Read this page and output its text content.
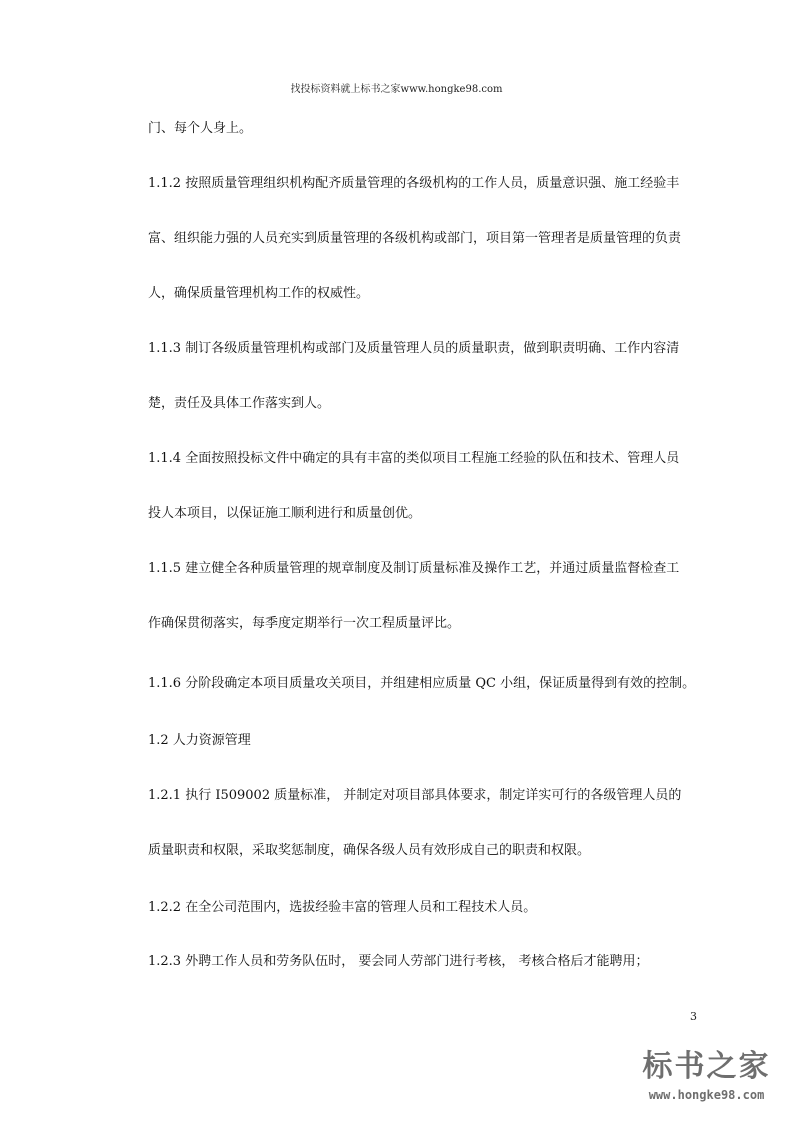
找投标资料就上标书之家www.hongke98.com
门、每个人身上。
1.1.2 按照质量管理组织机构配齐质量管理的各级机构的工作人员，质量意识强、施工经验丰
富、组织能力强的人员充实到质量管理的各级机构或部门，项目第一管理者是质量管理的负责
人，确保质量管理机构工作的权威性。
1.1.3 制订各级质量管理机构或部门及质量管理人员的质量职责，做到职责明确、工作内容清
楚，责任及具体工作落实到人。
1.1.4 全面按照投标文件中确定的具有丰富的类似项目工程施工经验的队伍和技术、管理人员
投人本项目，以保证施工顺利进行和质量创优。
1.1.5 建立健全各种质量管理的规章制度及制订质量标准及操作工艺，并通过质量监督检查工
作确保贯彻落实，每季度定期举行一次工程质量评比。
1.1.6 分阶段确定本项目质量攻关项目，并组建相应质量 QC 小组，保证质量得到有效的控制。
1.2 人力资源管理
1.2.1 执行 I509002 质量标准， 并制定对项目部具体要求，制定详实可行的各级管理人员的
质量职责和权限，采取奖惩制度，确保各级人员有效形成自己的职责和权限。
1.2.2 在全公司范围内，选拔经验丰富的管理人员和工程技术人员。
1.2.3 外聘工作人员和劳务队伍时， 要会同人劳部门进行考核， 考核合格后才能聘用；
3
标书之家
www.hongke98.com
